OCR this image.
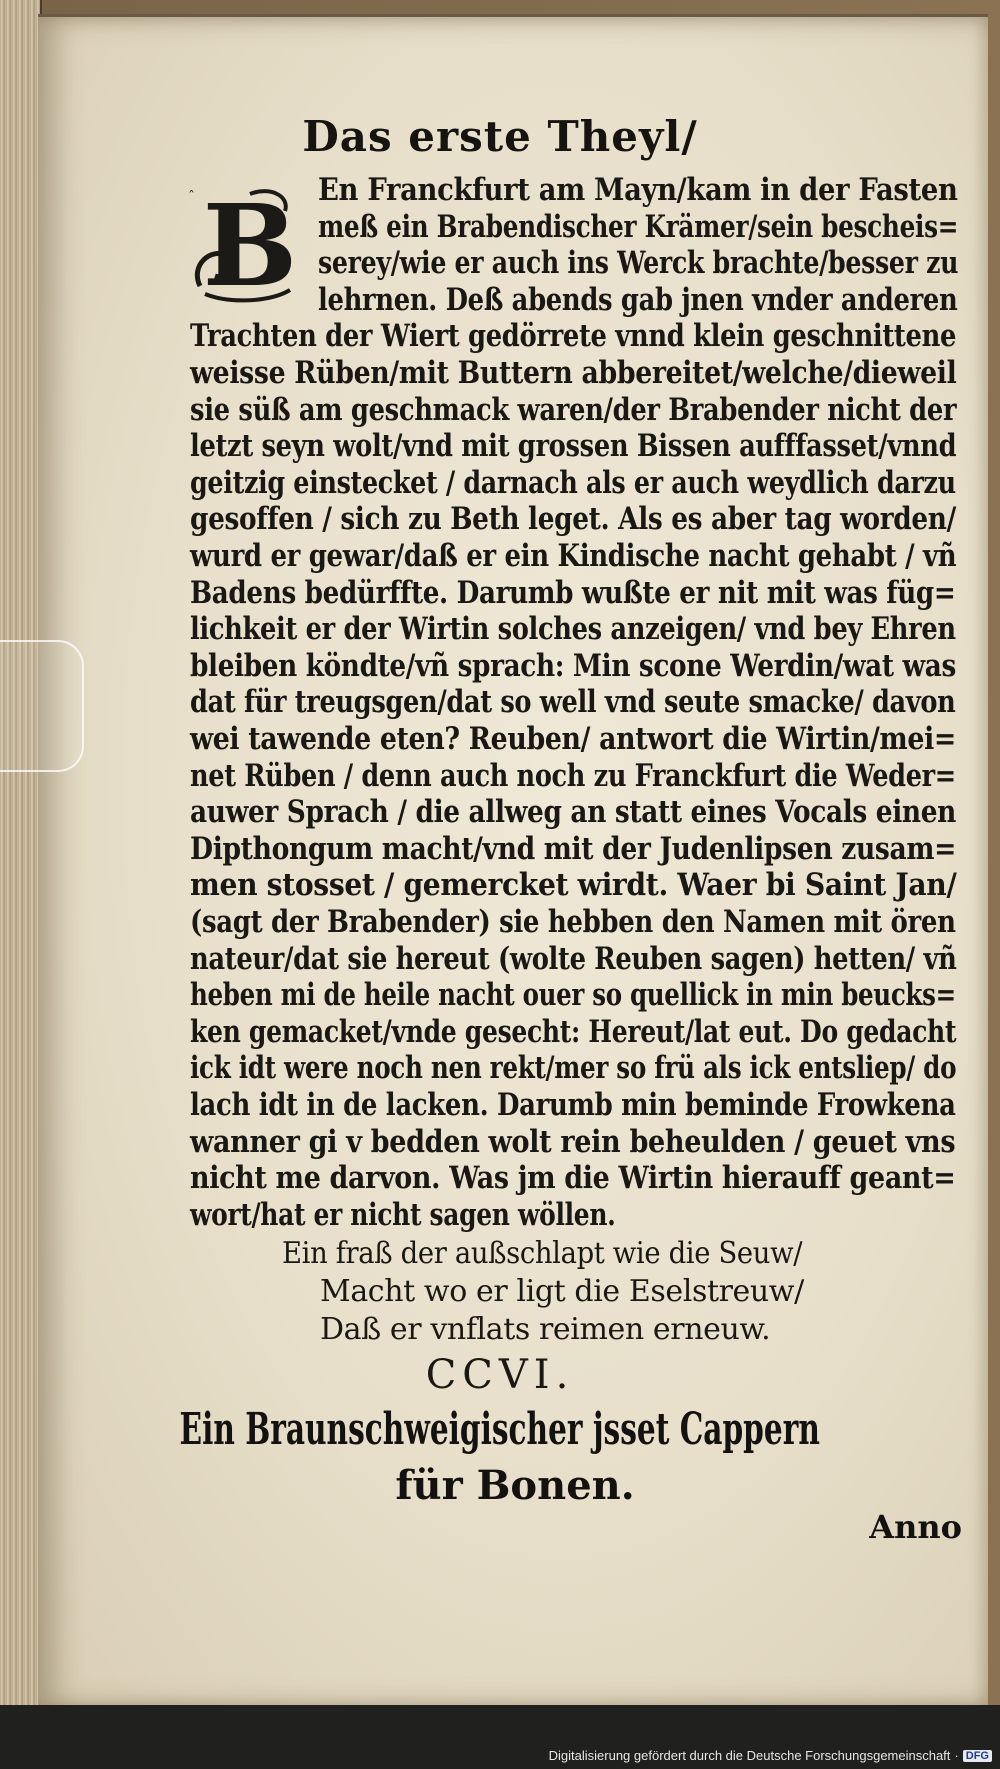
Das erste Theyl/
ˆ B En Franckfurt am Mayn/kam in der Fasten
meß ein Brabendischer Krämer/sein bescheis=
serey/wie er auch ins Werck brachte/besser zu
lehrnen. Deß abends gab jnen vnder anderen
Trachten der Wiert gedörrete vnnd klein geschnittene
weisse Rüben/mit Buttern abbereitet/welche/dieweil
sie süß am geschmack waren/der Brabender nicht der
letzt seyn wolt/vnd mit grossen Bissen aufffasset/vnnd
geitzig einstecket / darnach als er auch weydlich darzu
gesoffen / sich zu Beth leget. Als es aber tag worden/
wurd er gewar/daß er ein Kindische nacht gehabt / vñ
Badens bedürffte. Darumb wußte er nit mit was füg=
lichkeit er der Wirtin solches anzeigen/ vnd bey Ehren
bleiben köndte/vñ sprach: Min scone Werdin/wat was
dat für treugsgen/dat so well vnd seute smacke/ davon
wei tawende eten? Reuben/ antwort die Wirtin/mei=
net Rüben / denn auch noch zu Franckfurt die Weder=
auwer Sprach / die allweg an statt eines Vocals einen
Dipthongum macht/vnd mit der Judenlipsen zusam=
men stosset / gemercket wirdt. Waer bi Saint Jan/
(sagt der Brabender) sie hebben den Namen mit ören
nateur/dat sie hereut (wolte Reuben sagen) hetten/ vñ
heben mi de heile nacht ouer so quellick in min beucks=
ken gemacket/vnde gesecht: Hereut/lat eut. Do gedacht
ick idt were noch nen rekt/mer so frü als ick entsliep/ do
lach idt in de lacken. Darumb min beminde Frowkena
wanner gi v bedden wolt rein beheulden / geuet vns
nicht me darvon. Was jm die Wirtin hierauff geant=
wort/hat er nicht sagen wöllen.
Ein fraß der außschlapt wie die Seuw/
Macht wo er ligt die Eselstreuw/
Daß er vnflats reimen erneuw.
CCVI.
Ein Braunschweigischer jsset Cappern
für Bonen.
Anno
Digitalisierung gefördert durch die Deutsche Forschungsgemeinschaft · DFG
